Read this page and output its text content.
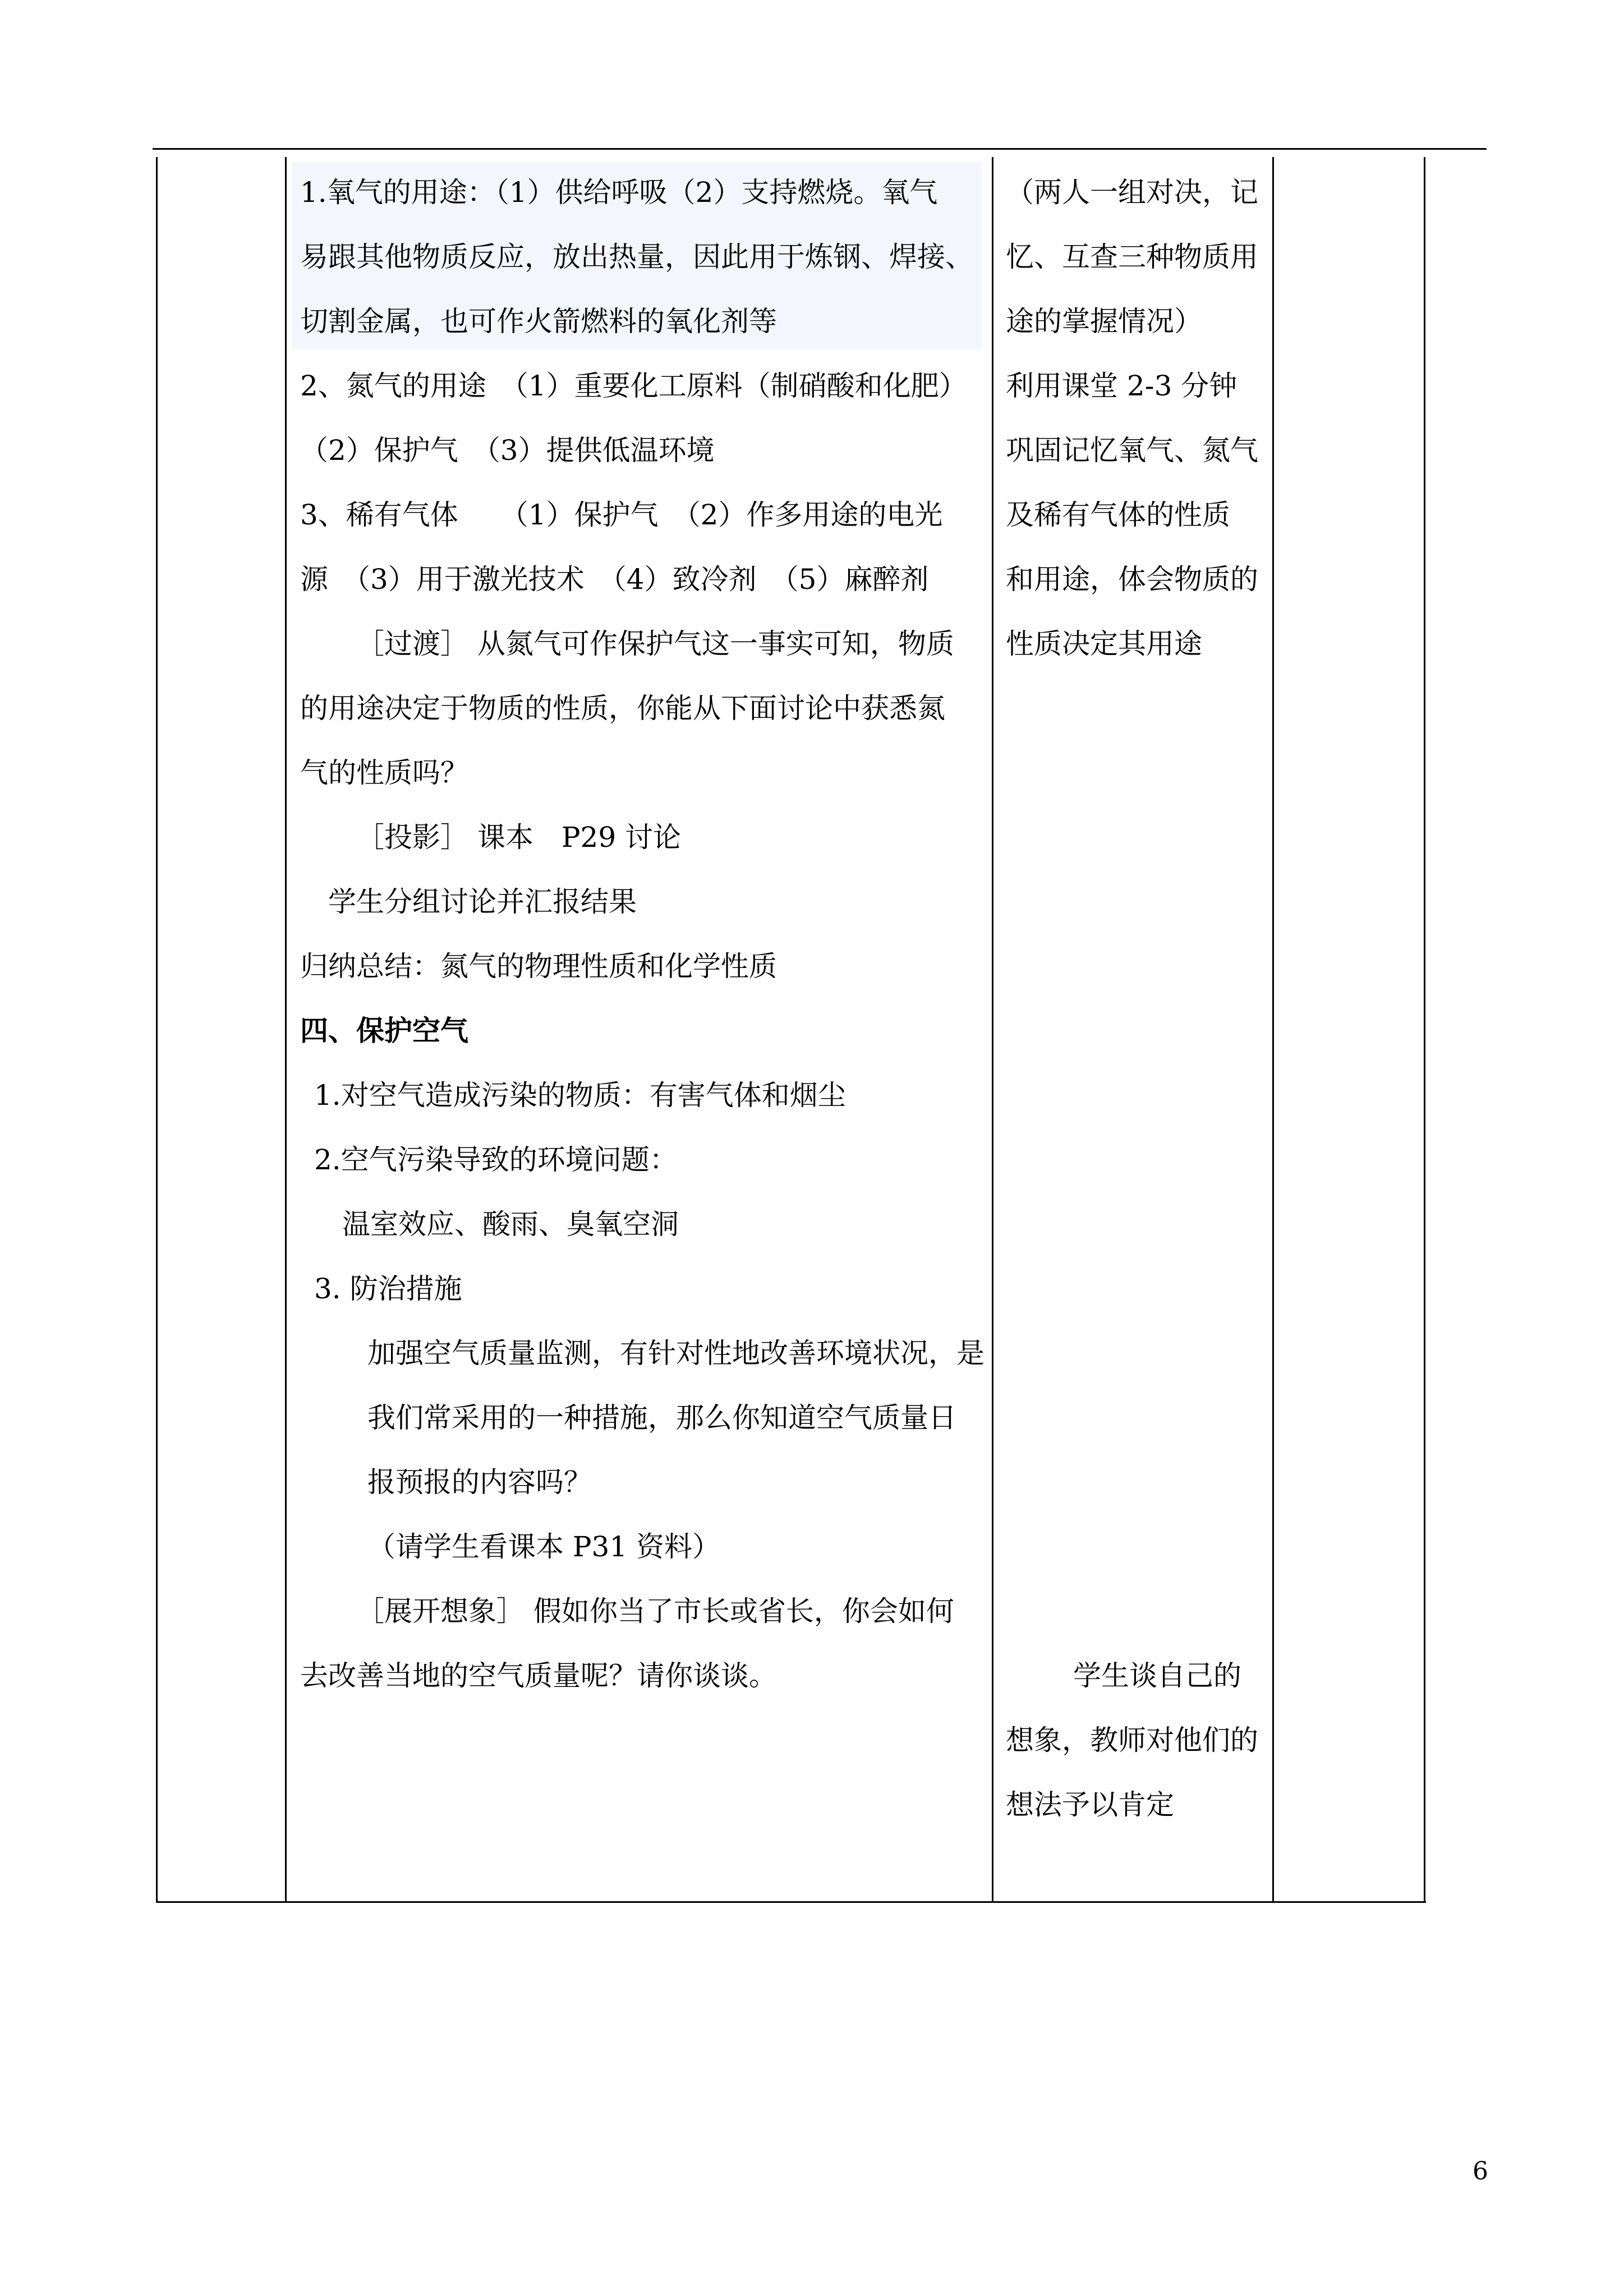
1.氧气的用途：（1）供给呼吸（2）支持燃烧。氧气
易跟其他物质反应，放出热量，因此用于炼钢、焊接、
切割金属，也可作火箭燃料的氧化剂等
2、氮气的用途　（1）重要化工原料（制硝酸和化肥）
（2）保护气　（3）提供低温环境
3、稀有气体　　（1）保护气　（2）作多用途的电光
源　（3）用于激光技术　（4）致冷剂　（5）麻醉剂
［过渡］ 从氮气可作保护气这一事实可知，物质
的用途决定于物质的性质，你能从下面讨论中获悉氮
气的性质吗？
［投影］ 课本　P29 讨论
学生分组讨论并汇报结果
归纳总结：氮气的物理性质和化学性质
四、保护空气
1.对空气造成污染的物质：有害气体和烟尘
2.空气污染导致的环境问题：
温室效应、酸雨、臭氧空洞
3. 防治措施
加强空气质量监测，有针对性地改善环境状况，是
我们常采用的一种措施，那么你知道空气质量日
报预报的内容吗？
（请学生看课本 P31 资料）
［展开想象］ 假如你当了市长或省长，你会如何
去改善当地的空气质量呢？请你谈谈。
（两人一组对决，记
忆、互查三种物质用
途的掌握情况）
利用课堂 2-3 分钟
巩固记忆氧气、氮气
及稀有气体的性质
和用途，体会物质的
性质决定其用途
学生谈自己的
想象，教师对他们的
想法予以肯定
6
